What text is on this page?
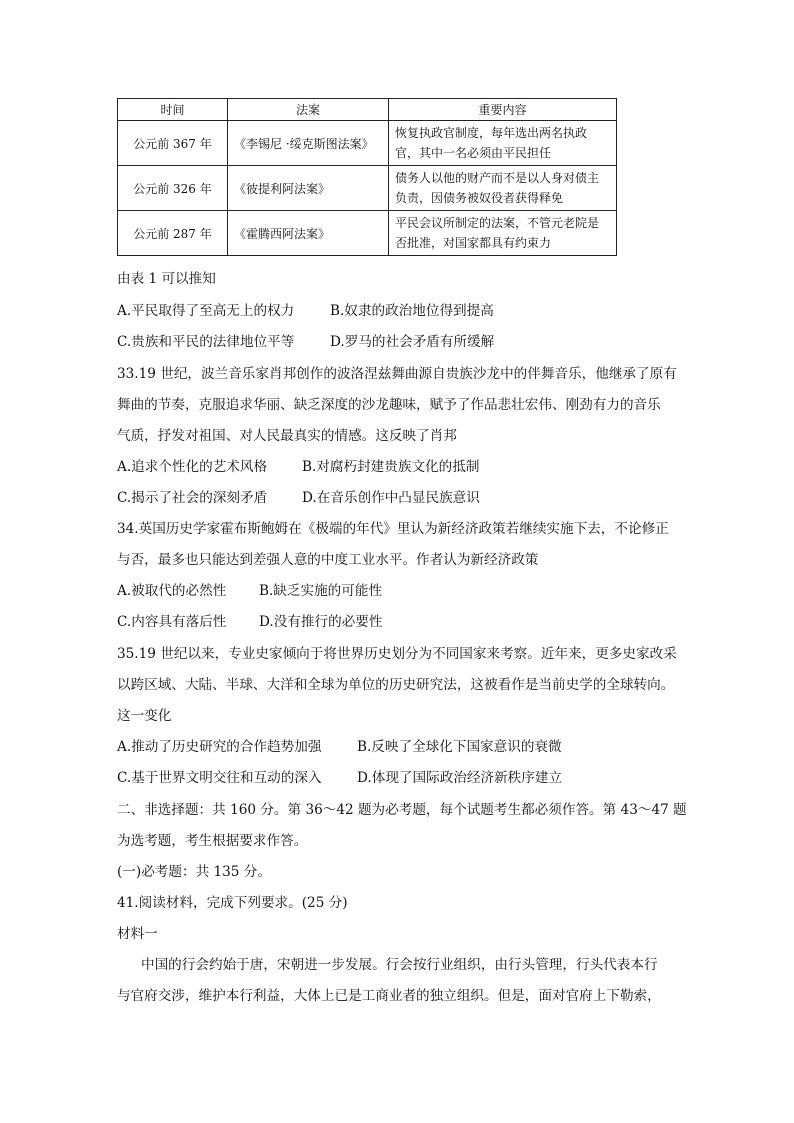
时间	法案	重要内容
公元前 367 年	《李锡尼 ·绥克斯图法案》	恢复执政官制度，每年选出两名执政官，其中一名必须由平民担任
公元前 326 年	《彼提利阿法案》	债务人以他的财产而不是以人身对债主负责，因债务被奴役者获得释免
公元前 287 年	《霍腾西阿法案》	平民会议所制定的法案，不管元老院是否批准，对国家都具有约束力
由表 1 可以推知
A.平民取得了至高无上的权力	B.奴隶的政治地位得到提高
C.贵族和平民的法律地位平等	D.罗马的社会矛盾有所缓解
33.19 世纪，波兰音乐家肖邦创作的波洛涅兹舞曲源自贵族沙龙中的伴舞音乐，他继承了原有
舞曲的节奏，克服追求华丽、缺乏深度的沙龙趣味，赋予了作品悲壮宏伟、刚劲有力的音乐
气质，抒发对祖国、对人民最真实的情感。这反映了肖邦
A.追求个性化的艺术风格	B.对腐朽封建贵族文化的抵制
C.揭示了社会的深刻矛盾	D.在音乐创作中凸显民族意识
34.英国历史学家霍布斯鲍姆在《极端的年代》里认为新经济政策若继续实施下去，不论修正
与否，最多也只能达到差强人意的中度工业水平。作者认为新经济政策
A.被取代的必然性 B.缺乏实施的可能性
C.内容具有落后性 D.没有推行的必要性
35.19 世纪以来，专业史家倾向于将世界历史划分为不同国家来考察。近年来，更多史家改采
以跨区域、大陆、半球、大洋和全球为单位的历史研究法，这被看作是当前史学的全球转向。
这一变化
A.推动了历史研究的合作趋势加强	B.反映了全球化下国家意识的衰微
C.基于世界文明交往和互动的深入	D.体现了国际政治经济新秩序建立
二、非选择题：共 160 分。第 36～42 题为必考题，每个试题考生都必须作答。第 43～47 题
为选考题，考生根据要求作答。
(一)必考题：共 135 分。
41.阅读材料，完成下列要求。(25 分)
材料一
中国的行会约始于唐，宋朝进一步发展。行会按行业组织，由行头管理，行头代表本行
与官府交涉，维护本行利益，大体上已是工商业者的独立组织。但是，面对官府上下勒索，
